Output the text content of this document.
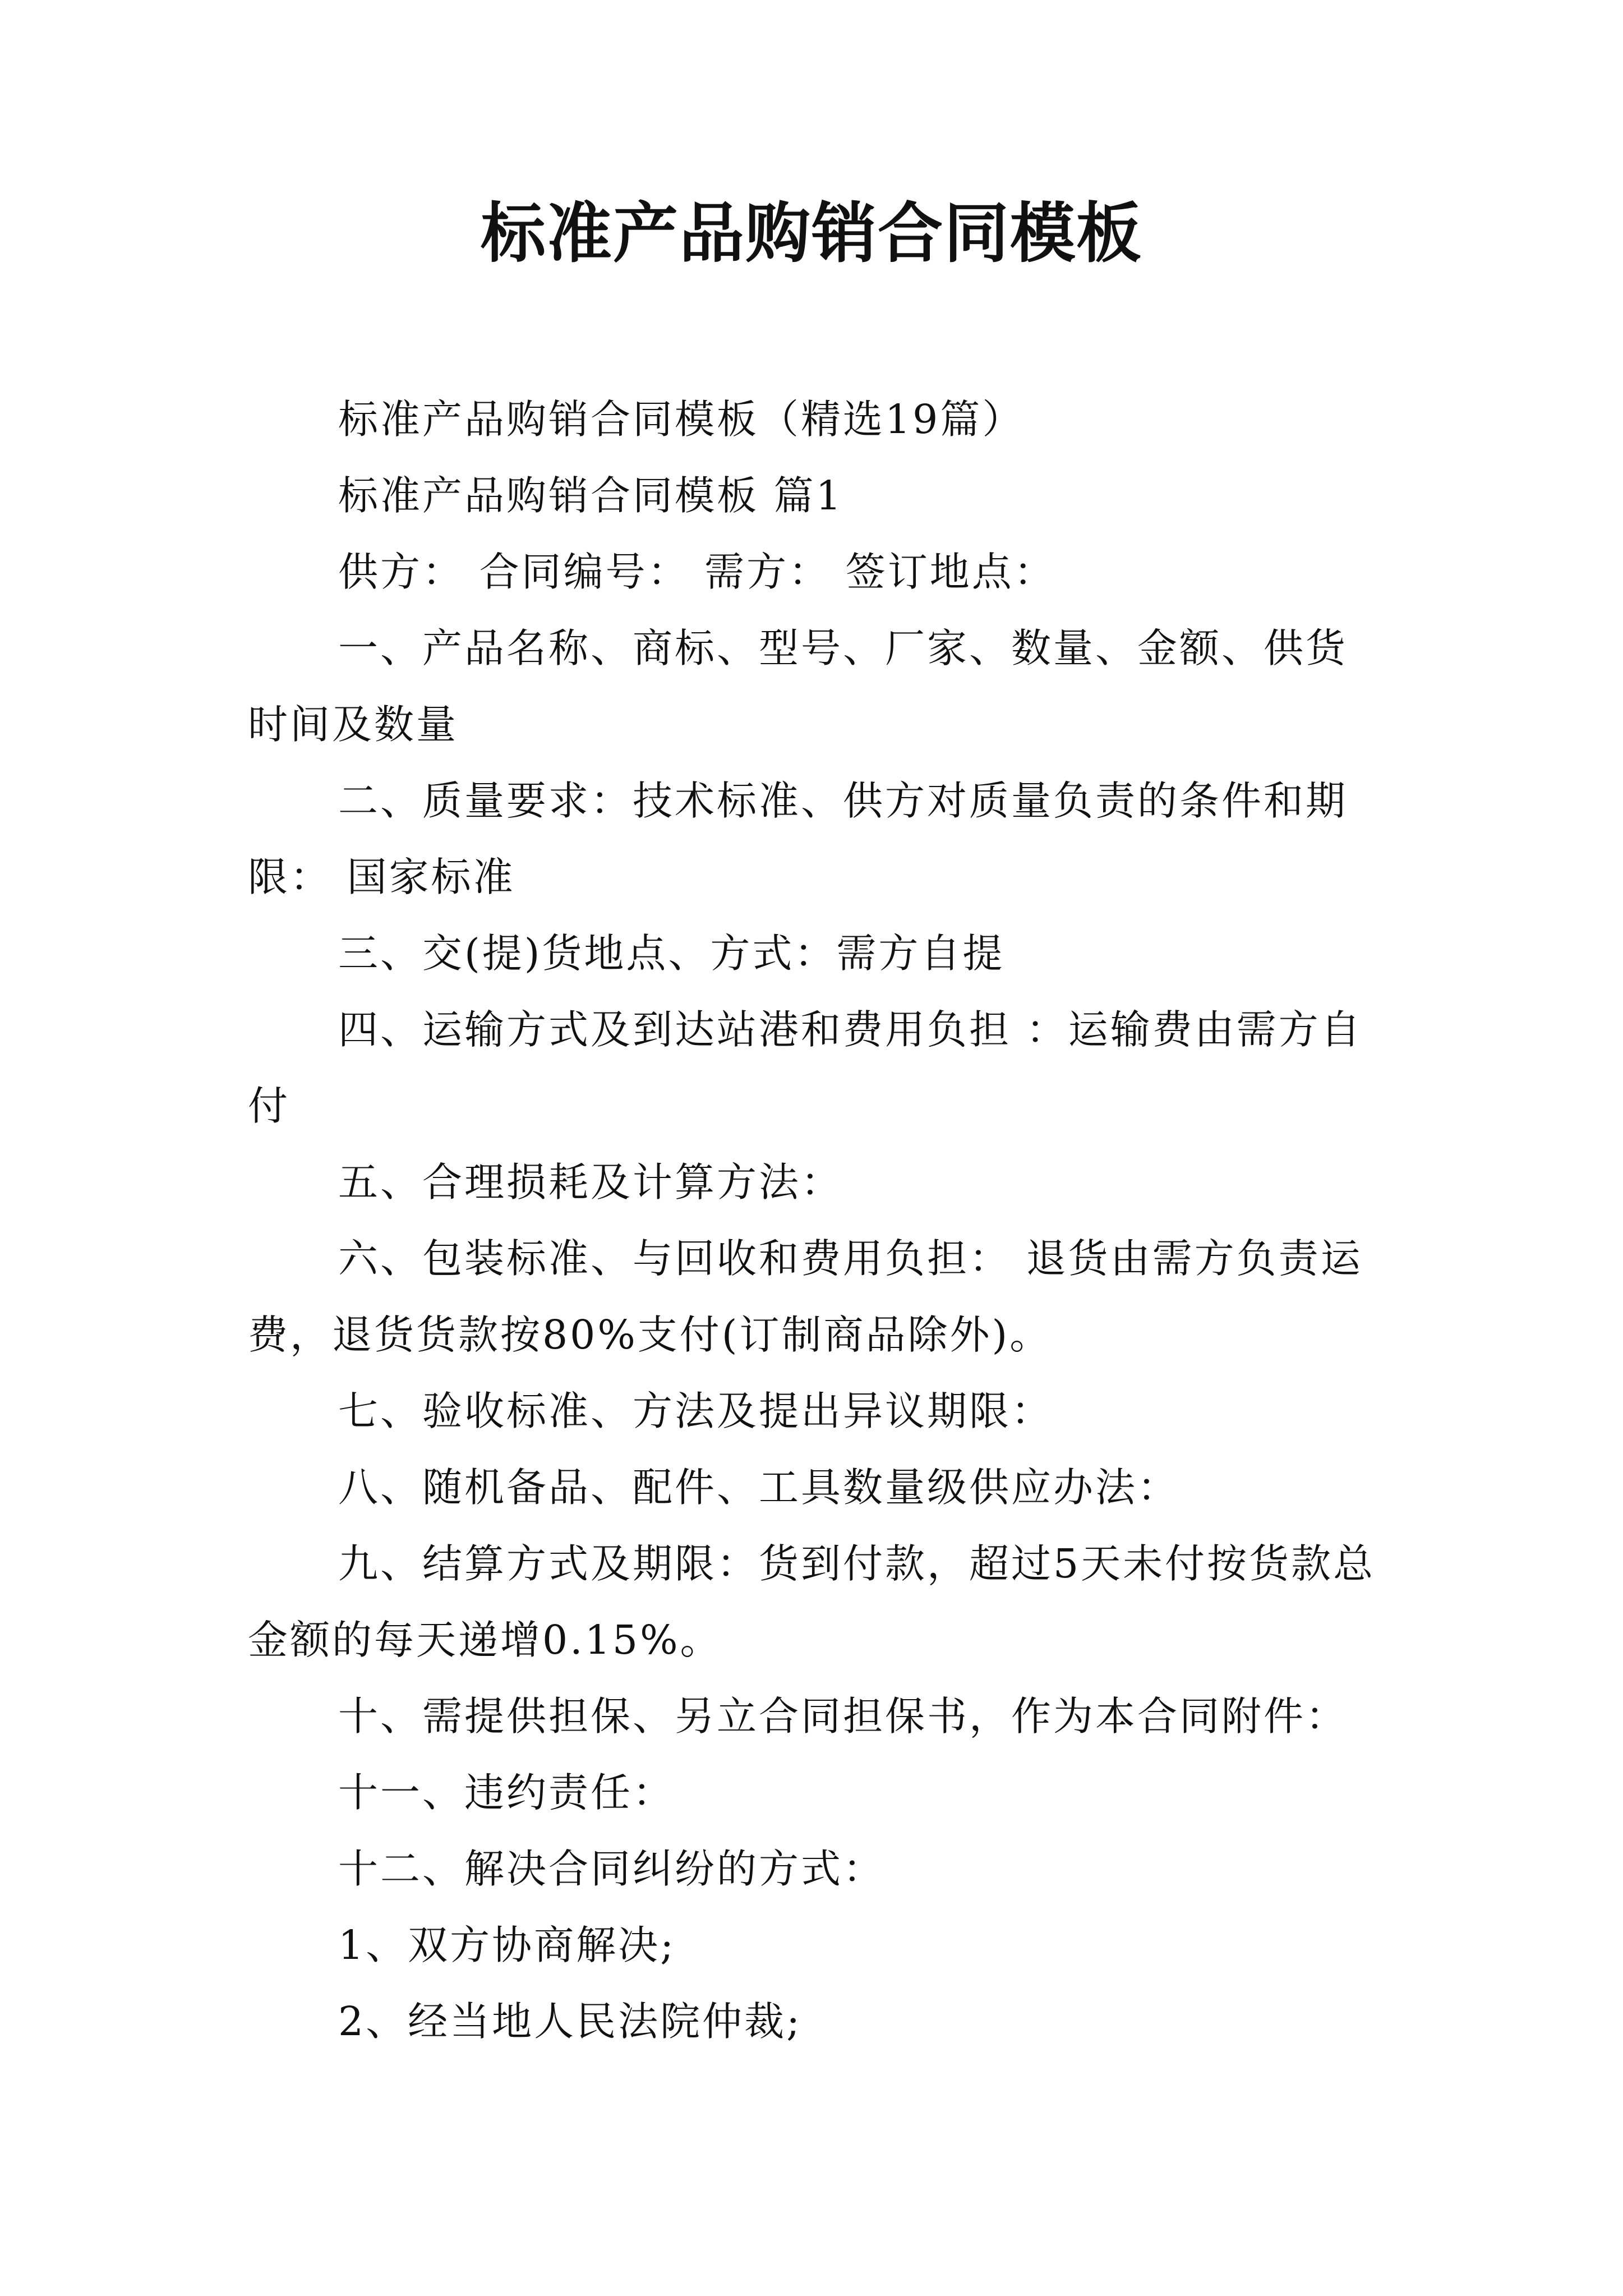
标准产品购销合同模板

标准产品购销合同模板（精选19篇）

标准产品购销合同模板 篇1

供方： 合同编号： 需方： 签订地点：

一、产品名称、商标、型号、厂家、数量、金额、供货时间及数量

二、质量要求：技术标准、供方对质量负责的条件和期限： 国家标准

三、交(提)货地点、方式：需方自提

四、运输方式及到达站港和费用负担 ：运输费由需方自付

五、合理损耗及计算方法：

六、包装标准、与回收和费用负担： 退货由需方负责运费，退货货款按80%支付(订制商品除外)。

七、验收标准、方法及提出异议期限：

八、随机备品、配件、工具数量级供应办法：

九、结算方式及期限：货到付款，超过5天未付按货款总金额的每天递增0.15%。

十、需提供担保、另立合同担保书，作为本合同附件：

十一、违约责任：

十二、解决合同纠纷的方式：

1、双方协商解决;

2、经当地人民法院仲裁;
